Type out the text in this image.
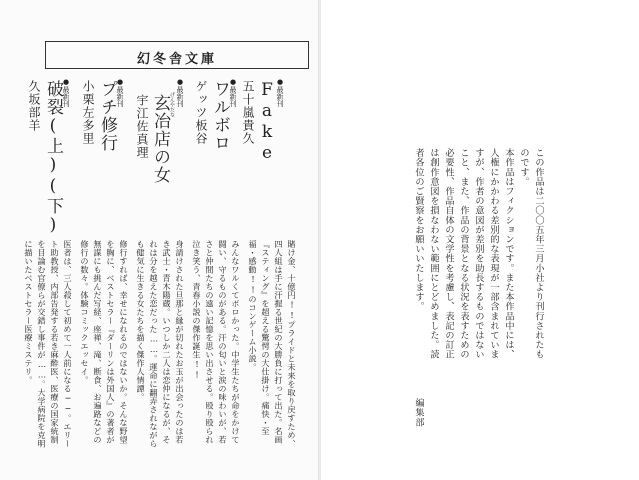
幻冬舎文庫
●最新刊
Fake
五十嵐貴久
●最新刊
ワルボロ
ゲッツ板谷
●最新刊
げんやだな
玄冶店の女
宇江佐真理
●最新刊
プチ修行
小栗左多里
●最新刊
破裂(上)(下)
久坂部羊
賭け金、十億円!!プライドと未来を取り戻すため、四人組は手に汗握る世紀の大勝負に打って出た。名画『スティング』を超える驚愕の大仕掛け。痛快・至福・感動!!のコンゲーム小説。
みんなワルくてボロかった。中学生たちが命をかけて闘い、守るものがある。汗の匂いと涙の味わいが、若さと仲間たちの遠い記憶を思い出させる。殴り殴られ泣き笑う、青春小説の傑作誕生!!
身請けされた旦那と縁が切れたお玉が出会ったのは若き武士・青木陽蔵。いつしか二人は恋仲になるが、それは分を越えた恋だった……。運命に翻弄されながらも健気に生きる女たちを描く傑作人情譚。
修行すれば、幸せになれるのではないか。そんな野望を胸に、ベストセラー『ダーリンは外国人』の著者が無謀にも挑んだ写経、座禅、滝、断食、お遍路などの修行の数々。体験コミックエッセイ。
医者は、三人殺して初めて一人前になる──。エリート助教授、内部告発する若き麻酔医、医療の国家統制を目論む官僚らが交錯し事件が……。大学病院を克明に描いたベストセラー医療ミステリ。	この作品は二〇〇五年三月小社より刊行されたものです。
本作品はフィクションです。また本作品中には、人権にかかわる差別的な表現が一部含まれていますが、作者の意図が差別を助長するものではないこと、また、作品の背景となる状況を表すための必要性、作品自体の文学性を考慮し、表記の訂正は創作意図を損なわない範囲にとどめました。読者各位のご賢察をお願いいたします。
編集部
